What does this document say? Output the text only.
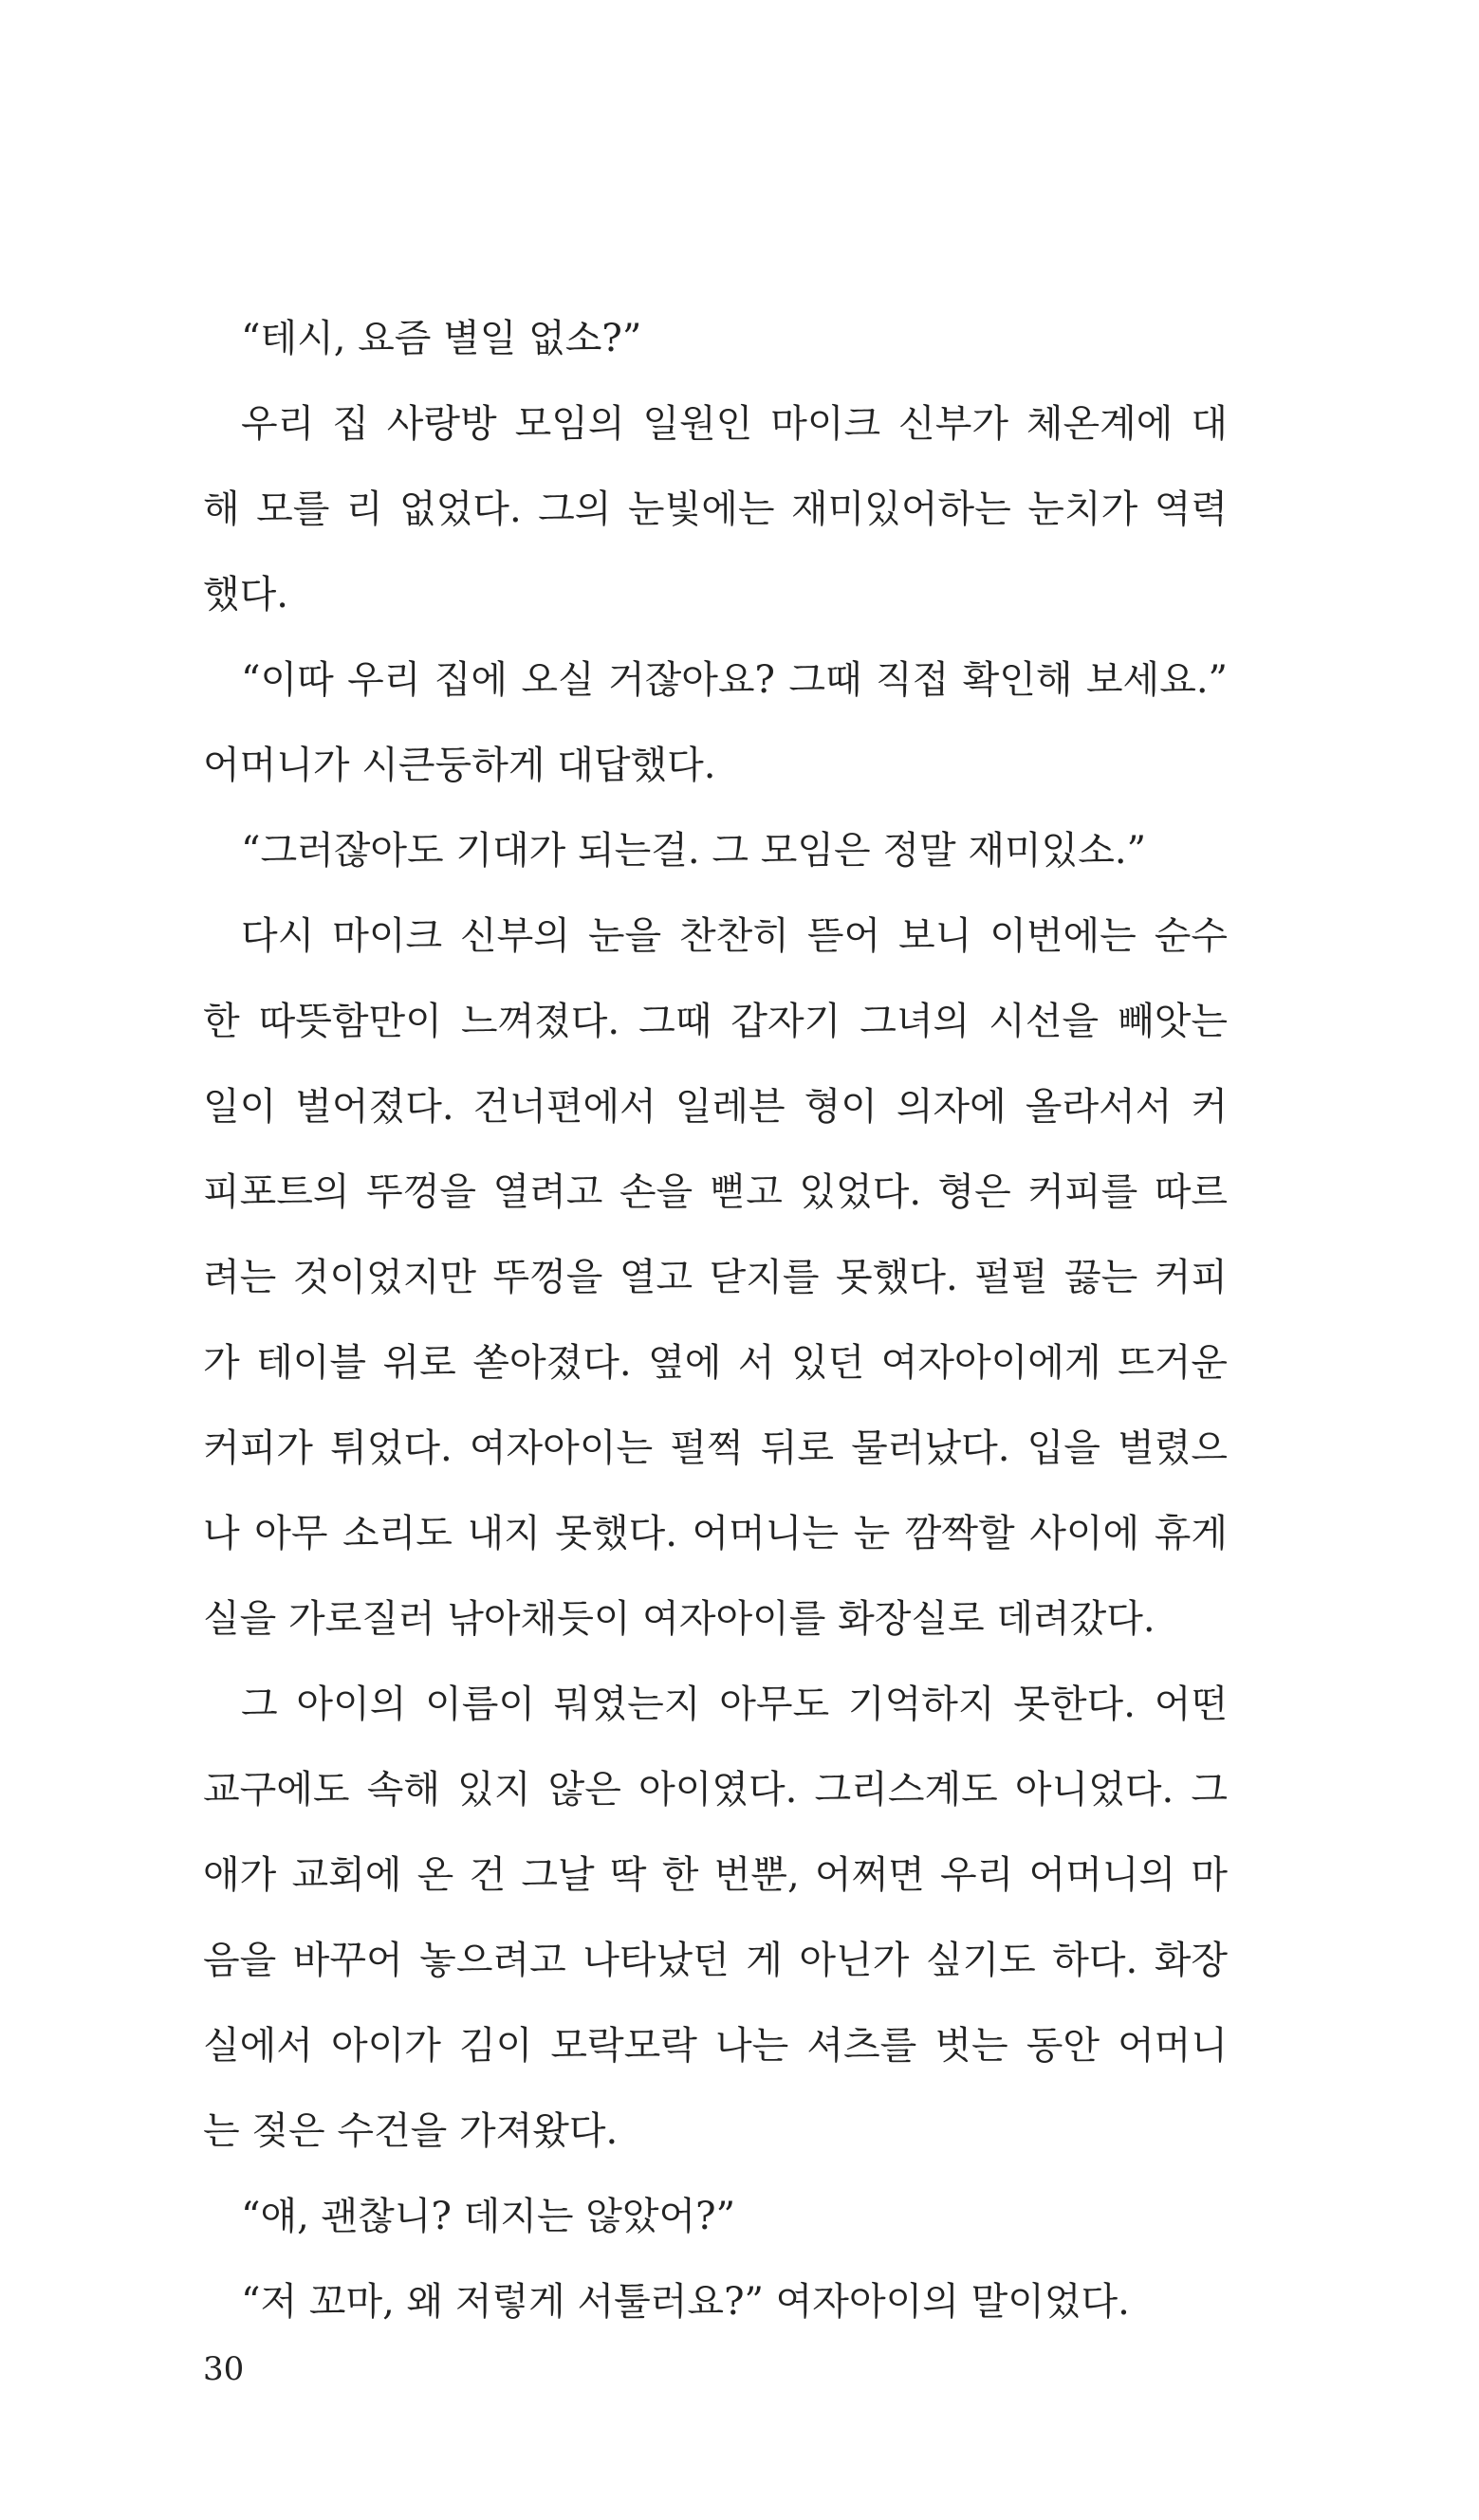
“테시, 요즘 별일 없소?”
우리 집 사랑방 모임의 일원인 마이크 신부가 체온계에 대
해 모를 리 없었다. 그의 눈빛에는 재미있어하는 눈치가 역력
했다.
“이따 우리 집에 오실 거잖아요? 그때 직접 확인해 보세요.”
어머니가 시큰둥하게 대답했다.
“그러잖아도 기대가 되는걸. 그 모임은 정말 재미있소.”
다시 마이크 신부의 눈을 찬찬히 뜯어 보니 이번에는 순수
한 따뜻함만이 느껴졌다. 그때 갑자기 그녀의 시선을 빼앗는
일이 벌어졌다. 건너편에서 일레븐 형이 의자에 올라서서 커
피포트의 뚜껑을 열려고 손을 뻗고 있었다. 형은 커피를 따르
려는 것이었지만 뚜껑을 열고 닫지를 못했다. 펄펄 끓는 커피
가 테이블 위로 쏟아졌다. 옆에 서 있던 여자아이에게 뜨거운
커피가 튀었다. 여자아이는 펄쩍 뒤로 물러났다. 입을 벌렸으
나 아무 소리도 내지 못했다. 어머니는 눈 깜짝할 사이에 휴게
실을 가로질러 낚아채듯이 여자아이를 화장실로 데려갔다.
그 아이의 이름이 뭐였는지 아무도 기억하지 못한다. 어떤
교구에도 속해 있지 않은 아이였다. 그리스계도 아니었다. 그
애가 교회에 온 건 그날 딱 한 번뿐, 어쩌면 우리 어머니의 마
음을 바꾸어 놓으려고 나타났던 게 아닌가 싶기도 하다. 화장
실에서 아이가 김이 모락모락 나는 셔츠를 벗는 동안 어머니
는 젖은 수건을 가져왔다.
“얘, 괜찮니? 데지는 않았어?”
“저 꼬마, 왜 저렇게 서툴러요?” 여자아이의 말이었다.
30
